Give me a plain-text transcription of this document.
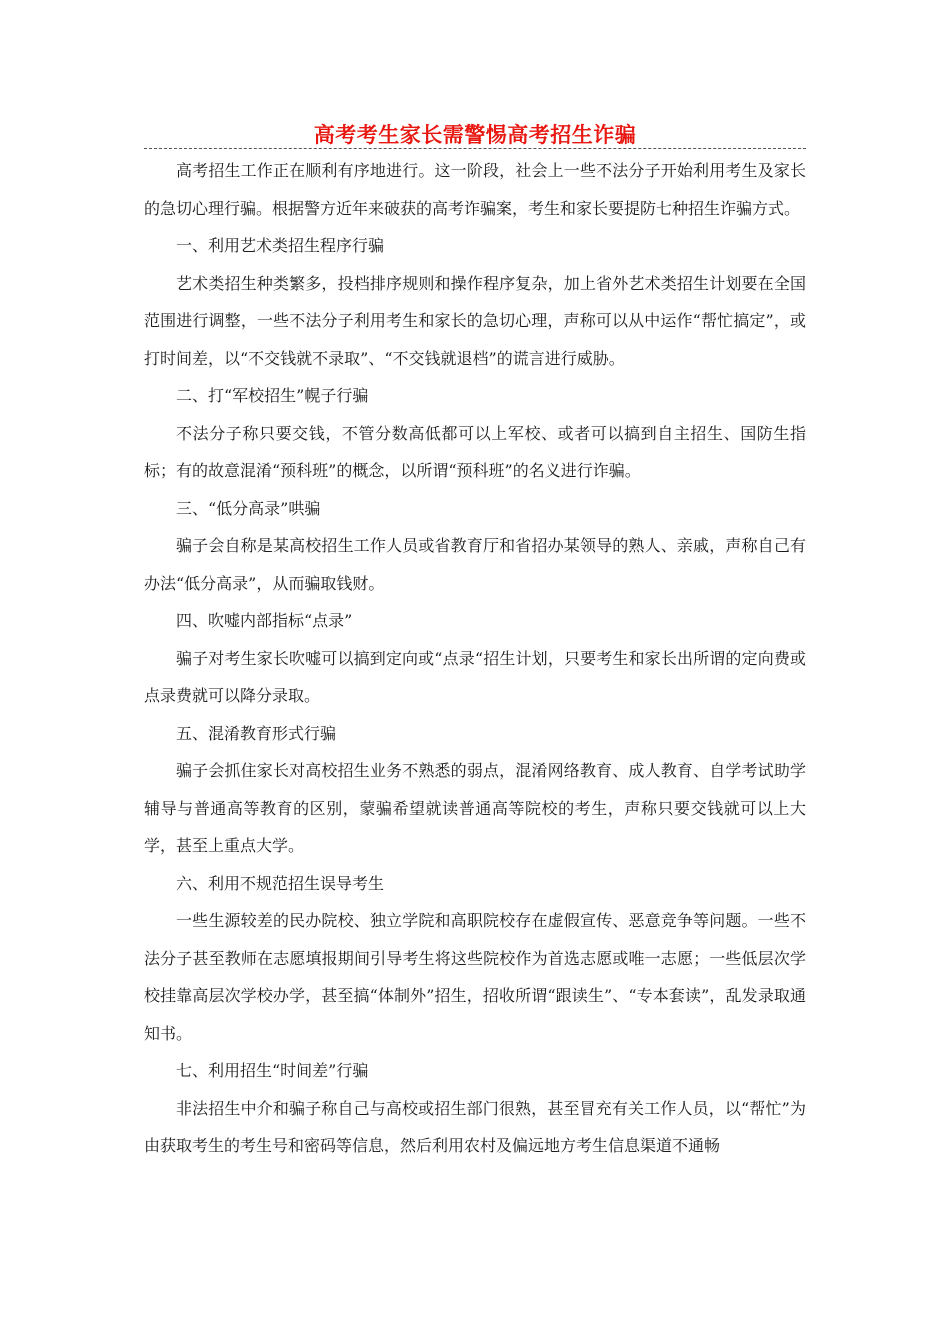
高考考生家长需警惕高考招生诈骗

高考招生工作正在顺利有序地进行。这一阶段，社会上一些不法分子开始利用考生及家长的急切心理行骗。根据警方近年来破获的高考诈骗案，考生和家长要提防七种招生诈骗方式。

一、利用艺术类招生程序行骗

艺术类招生种类繁多，投档排序规则和操作程序复杂，加上省外艺术类招生计划要在全国范围进行调整，一些不法分子利用考生和家长的急切心理，声称可以从中运作“帮忙搞定”，或打时间差，以“不交钱就不录取”、“不交钱就退档”的谎言进行威胁。

二、打“军校招生”幌子行骗

不法分子称只要交钱，不管分数高低都可以上军校、或者可以搞到自主招生、国防生指标；有的故意混淆“预科班”的概念，以所谓“预科班”的名义进行诈骗。

三、“低分高录”哄骗

骗子会自称是某高校招生工作人员或省教育厅和省招办某领导的熟人、亲戚，声称自己有办法“低分高录”，从而骗取钱财。

四、吹嘘内部指标“点录”

骗子对考生家长吹嘘可以搞到定向或“点录“招生计划，只要考生和家长出所谓的定向费或点录费就可以降分录取。

五、混淆教育形式行骗

骗子会抓住家长对高校招生业务不熟悉的弱点，混淆网络教育、成人教育、自学考试助学辅导与普通高等教育的区别，蒙骗希望就读普通高等院校的考生，声称只要交钱就可以上大学，甚至上重点大学。

六、利用不规范招生误导考生

一些生源较差的民办院校、独立学院和高职院校存在虚假宣传、恶意竞争等问题。一些不法分子甚至教师在志愿填报期间引导考生将这些院校作为首选志愿或唯一志愿；一些低层次学校挂靠高层次学校办学，甚至搞“体制外”招生，招收所谓“跟读生”、“专本套读”，乱发录取通知书。

七、利用招生“时间差”行骗

非法招生中介和骗子称自己与高校或招生部门很熟，甚至冒充有关工作人员，以“帮忙”为由获取考生的考生号和密码等信息，然后利用农村及偏远地方考生信息渠道不通畅
